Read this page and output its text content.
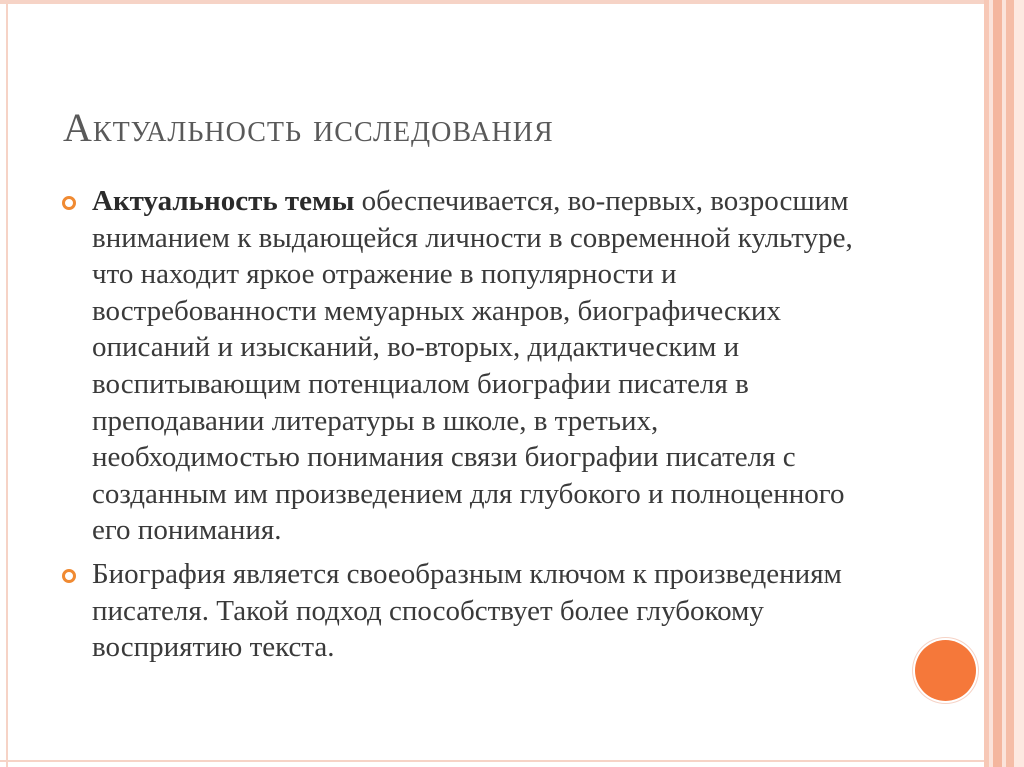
Актуальность исследования
Актуальность темы обеспечивается, во-первых, возросшим вниманием к выдающейся личности в современной культуре, что находит яркое отражение в популярности и востребованности мемуарных жанров, биографических описаний и изысканий, во-вторых, дидактическим и воспитывающим потенциалом биографии писателя в преподавании литературы в школе, в третьих, необходимостью понимания связи биографии писателя с созданным им произведением для глубокого и полноценного его понимания.
Биография является своеобразным ключом к произведениям писателя. Такой подход способствует более глубокому восприятию текста.
